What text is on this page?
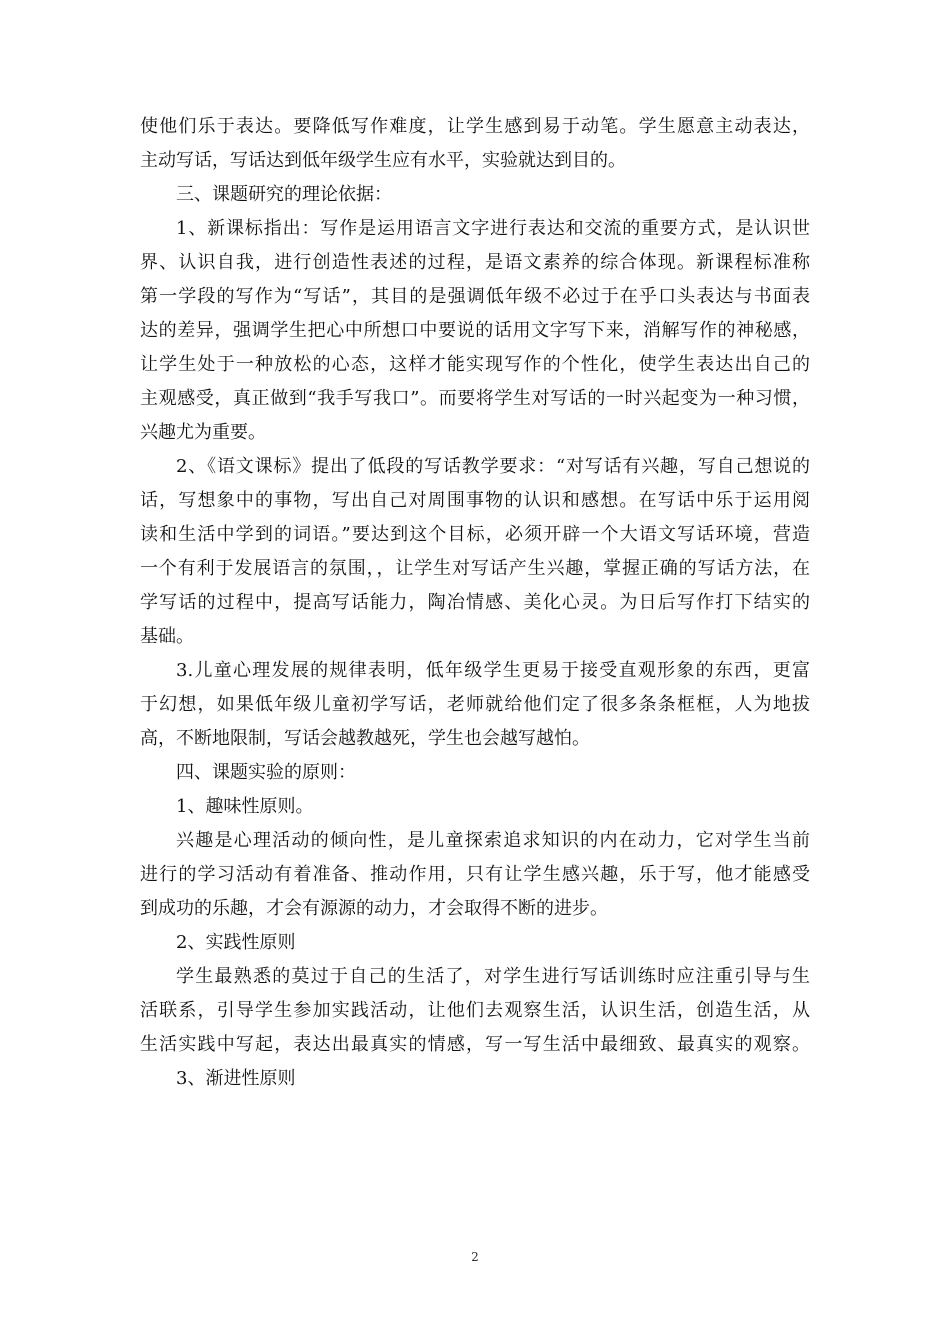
使他们乐于表达。要降低写作难度，让学生感到易于动笔。学生愿意主动表达，
主动写话，写话达到低年级学生应有水平，实验就达到目的。
三、课题研究的理论依据：
1、新课标指出：写作是运用语言文字进行表达和交流的重要方式，是认识世
界、认识自我，进行创造性表述的过程，是语文素养的综合体现。新课程标准称
第一学段的写作为“写话”，其目的是强调低年级不必过于在乎口头表达与书面表
达的差异，强调学生把心中所想口中要说的话用文字写下来，消解写作的神秘感，
让学生处于一种放松的心态，这样才能实现写作的个性化，使学生表达出自己的
主观感受，真正做到“我手写我口”。而要将学生对写话的一时兴起变为一种习惯，
兴趣尤为重要。
2、《语文课标》提出了低段的写话教学要求：“对写话有兴趣，写自己想说的
话，写想象中的事物，写出自己对周围事物的认识和感想。在写话中乐于运用阅
读和生活中学到的词语。”要达到这个目标，必须开辟一个大语文写话环境，营造
一个有利于发展语言的氛围，，让学生对写话产生兴趣，掌握正确的写话方法，在
学写话的过程中，提高写话能力，陶冶情感、美化心灵。为日后写作打下结实的
基础。
3.儿童心理发展的规律表明，低年级学生更易于接受直观形象的东西，更富
于幻想，如果低年级儿童初学写话，老师就给他们定了很多条条框框，人为地拔
高，不断地限制，写话会越教越死，学生也会越写越怕。
四、课题实验的原则：
1、趣味性原则。
兴趣是心理活动的倾向性，是儿童探索追求知识的内在动力，它对学生当前
进行的学习活动有着准备、推动作用，只有让学生感兴趣，乐于写，他才能感受
到成功的乐趣，才会有源源的动力，才会取得不断的进步。
2、实践性原则
学生最熟悉的莫过于自己的生活了，对学生进行写话训练时应注重引导与生
活联系，引导学生参加实践活动，让他们去观察生活，认识生活，创造生活，从
生活实践中写起，表达出最真实的情感，写一写生活中最细致、最真实的观察。
3、渐进性原则
2
